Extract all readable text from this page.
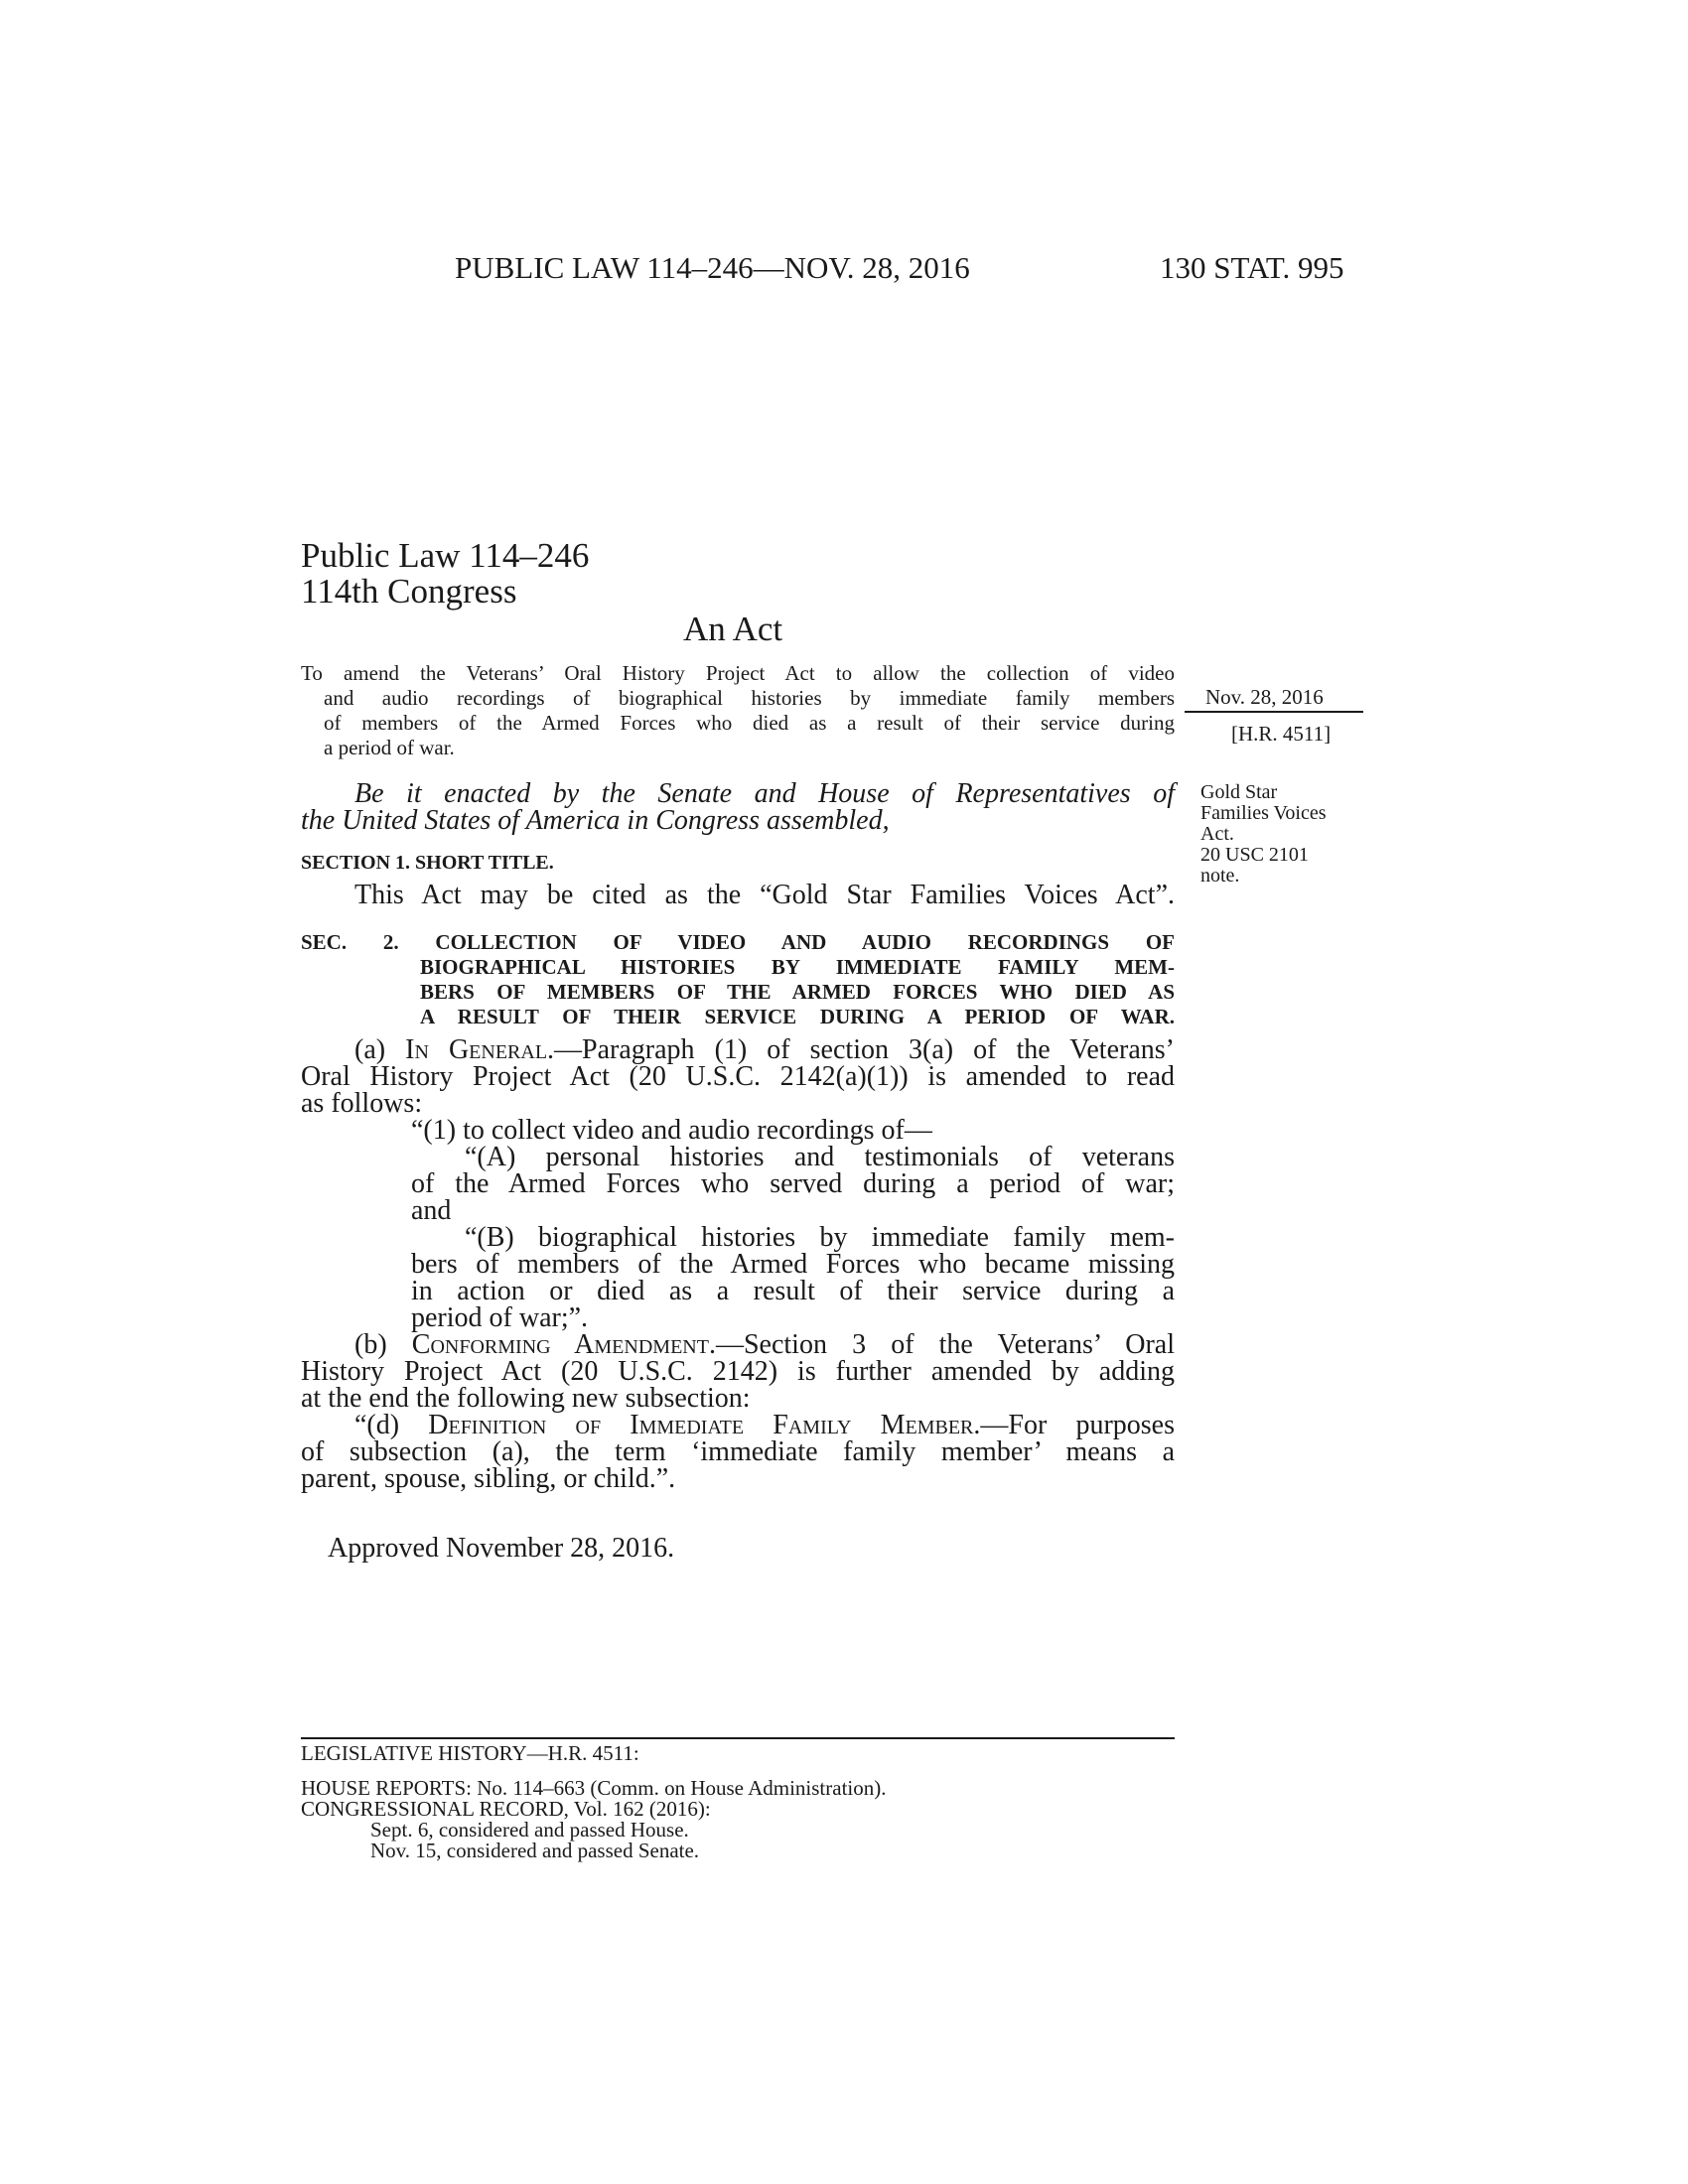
PUBLIC LAW 114–246—NOV. 28, 2016	130 STAT. 995
Public Law 114–246
114th Congress
An Act
To amend the Veterans’ Oral History Project Act to allow the collection of video
and audio recordings of biographical histories by immediate family members
of members of the Armed Forces who died as a result of their service during
a period of war.
Nov. 28, 2016
[H.R. 4511]
Gold Star
Families Voices
Act.
20 USC 2101
note.
Be it enacted by the Senate and House of Representatives of
the United States of America in Congress assembled,
SECTION 1. SHORT TITLE.
This Act may be cited as the “Gold Star Families Voices Act”.
SEC. 2. COLLECTION OF VIDEO AND AUDIO RECORDINGS OF
BIOGRAPHICAL HISTORIES BY IMMEDIATE FAMILY MEM-
BERS OF MEMBERS OF THE ARMED FORCES WHO DIED AS
A RESULT OF THEIR SERVICE DURING A PERIOD OF WAR.
(a) In General.—Paragraph (1) of section 3(a) of the Veterans’
Oral History Project Act (20 U.S.C. 2142(a)(1)) is amended to read
as follows:
“(1) to collect video and audio recordings of—
“(A) personal histories and testimonials of veterans
of the Armed Forces who served during a period of war;
and
“(B) biographical histories by immediate family mem-
bers of members of the Armed Forces who became missing
in action or died as a result of their service during a
period of war;”.
(b) Conforming Amendment.—Section 3 of the Veterans’ Oral
History Project Act (20 U.S.C. 2142) is further amended by adding
at the end the following new subsection:
“(d) Definition of Immediate Family Member.—For purposes
of subsection (a), the term ‘immediate family member’ means a
parent, spouse, sibling, or child.”.
Approved November 28, 2016.
LEGISLATIVE HISTORY—H.R. 4511:
HOUSE REPORTS: No. 114–663 (Comm. on House Administration).
CONGRESSIONAL RECORD, Vol. 162 (2016):
Sept. 6, considered and passed House.
Nov. 15, considered and passed Senate.
